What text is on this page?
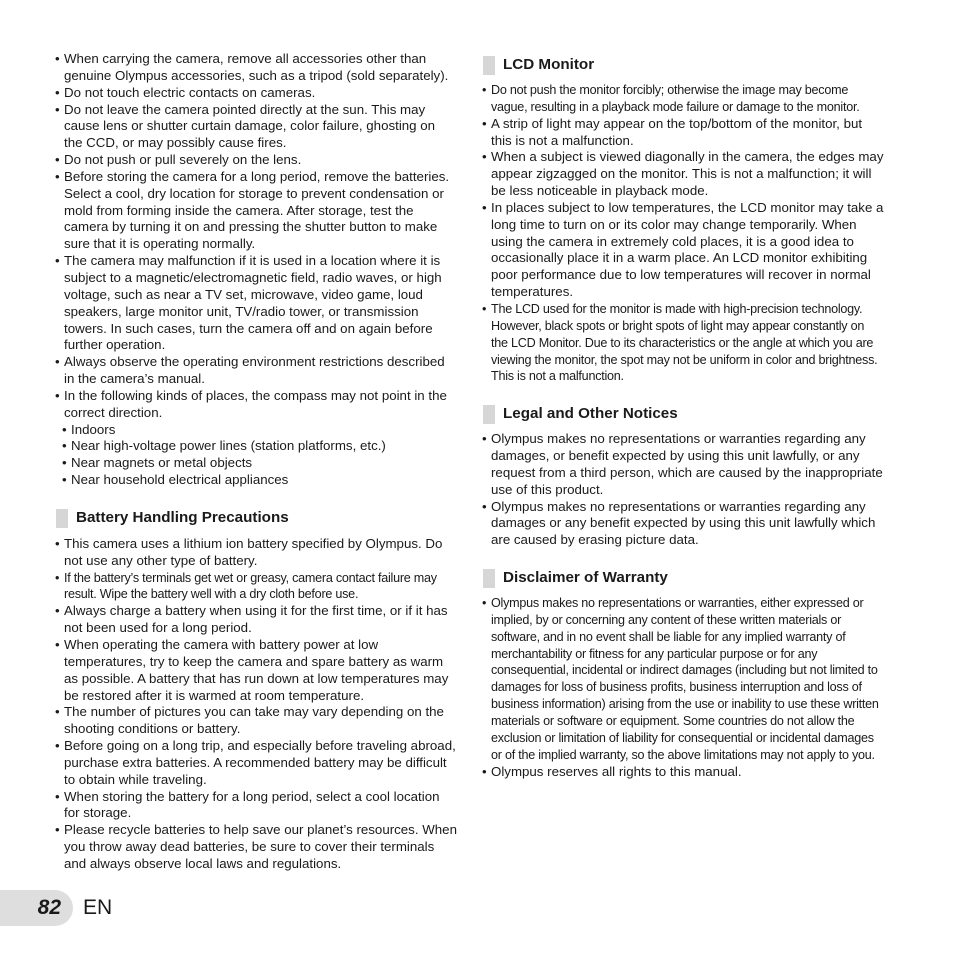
• When carrying the camera, remove all accessories other than genuine Olympus accessories, such as a tripod (sold separately).
• Do not touch electric contacts on cameras.
• Do not leave the camera pointed directly at the sun. This may cause lens or shutter curtain damage, color failure, ghosting on the CCD, or may possibly cause fires.
• Do not push or pull severely on the lens.
• Before storing the camera for a long period, remove the batteries. Select a cool, dry location for storage to prevent condensation or mold from forming inside the camera. After storage, test the camera by turning it on and pressing the shutter button to make sure that it is operating normally.
• The camera may malfunction if it is used in a location where it is subject to a magnetic/electromagnetic field, radio waves, or high voltage, such as near a TV set, microwave, video game, loud speakers, large monitor unit, TV/radio tower, or transmission towers. In such cases, turn the camera off and on again before further operation.
• Always observe the operating environment restrictions described in the camera’s manual.
• In the following kinds of places, the compass may not point in the correct direction.
• Indoors
• Near high-voltage power lines (station platforms, etc.)
• Near magnets or metal objects
• Near household electrical appliances
Battery Handling Precautions
• This camera uses a lithium ion battery specified by Olympus. Do not use any other type of battery.
• If the battery’s terminals get wet or greasy, camera contact failure may result. Wipe the battery well with a dry cloth before use.
• Always charge a battery when using it for the first time, or if it has not been used for a long period.
• When operating the camera with battery power at low temperatures, try to keep the camera and spare battery as warm as possible. A battery that has run down at low temperatures may be restored after it is warmed at room temperature.
• The number of pictures you can take may vary depending on the shooting conditions or battery.
• Before going on a long trip, and especially before traveling abroad, purchase extra batteries. A recommended battery may be difficult to obtain while traveling.
• When storing the battery for a long period, select a cool location for storage.
• Please recycle batteries to help save our planet’s resources. When you throw away dead batteries, be sure to cover their terminals and always observe local laws and regulations.
LCD Monitor
• Do not push the monitor forcibly; otherwise the image may become vague, resulting in a playback mode failure or damage to the monitor.
• A strip of light may appear on the top/bottom of the monitor, but this is not a malfunction.
• When a subject is viewed diagonally in the camera, the edges may appear zigzagged on the monitor. This is not a malfunction; it will be less noticeable in playback mode.
• In places subject to low temperatures, the LCD monitor may take a long time to turn on or its color may change temporarily. When using the camera in extremely cold places, it is a good idea to occasionally place it in a warm place. An LCD monitor exhibiting poor performance due to low temperatures will recover in normal temperatures.
• The LCD used for the monitor is made with high-precision technology. However, black spots or bright spots of light may appear constantly on the LCD Monitor. Due to its characteristics or the angle at which you are viewing the monitor, the spot may not be uniform in color and brightness. This is not a malfunction.
Legal and Other Notices
• Olympus makes no representations or warranties regarding any damages, or benefit expected by using this unit lawfully, or any request from a third person, which are caused by the inappropriate use of this product.
• Olympus makes no representations or warranties regarding any damages or any benefit expected by using this unit lawfully which are caused by erasing picture data.
Disclaimer of Warranty
• Olympus makes no representations or warranties, either expressed or implied, by or concerning any content of these written materials or software, and in no event shall be liable for any implied warranty of merchantability or fitness for any particular purpose or for any consequential, incidental or indirect damages (including but not limited to damages for loss of business profits, business interruption and loss of business information) arising from the use or inability to use these written materials or software or equipment. Some countries do not allow the exclusion or limitation of liability for consequential or incidental damages or of the implied warranty, so the above limitations may not apply to you.
• Olympus reserves all rights to this manual.
82 EN
